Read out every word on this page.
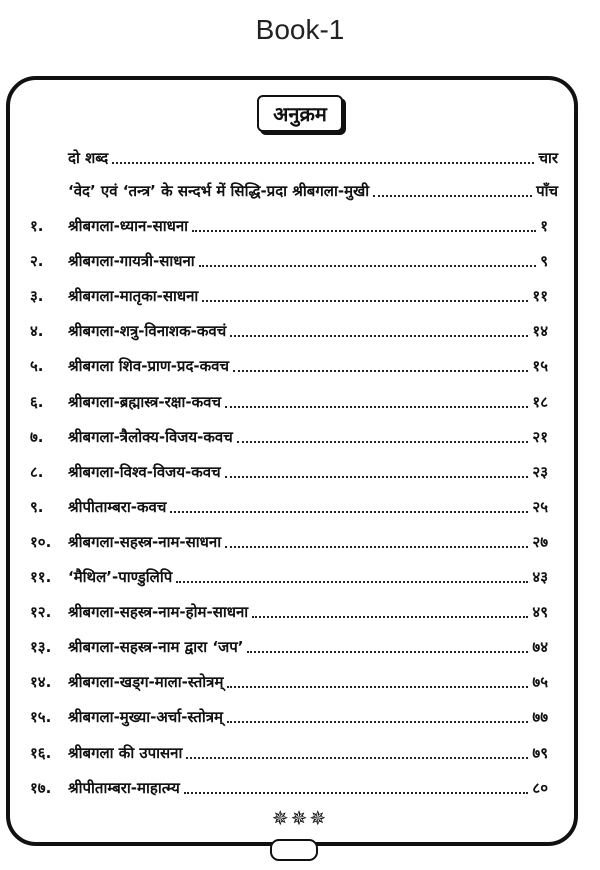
Book-1
अनुक्रम
दो शब्द	चार
‘वेद’ एवं ‘तन्त्र’ के सन्दर्भ में सिद्धि-प्रदा श्रीबगला-मुखी	पाँच
१.	श्रीबगला-ध्यान-साधना	१
२.	श्रीबगला-गायत्री-साधना	९
३.	श्रीबगला-मातृका-साधना	११
४.	श्रीबगला-शत्रु-विनाशक-कवचं	१४
५.	श्रीबगला शिव-प्राण-प्रद-कवच	१५
६.	श्रीबगला-ब्रह्मास्त्र-रक्षा-कवच	१८
७.	श्रीबगला-त्रैलोक्य-विजय-कवच	२१
८.	श्रीबगला-विश्व-विजय-कवच	२३
९.	श्रीपीताम्बरा-कवच	२५
१०.	श्रीबगला-सहस्त्र-नाम-साधना	२७
११.	‘मैथिल’-पाण्डुलिपि	४३
१२.	श्रीबगला-सहस्त्र-नाम-होम-साधना	४९
१३.	श्रीबगला-सहस्त्र-नाम द्वारा ‘जप’	७४
१४.	श्रीबगला-खड्ग-माला-स्तोत्रम्	७५
१५.	श्रीबगला-मुख्या-अर्चा-स्तोत्रम्	७७
१६.	श्रीबगला की उपासना	७९
१७.	श्रीपीताम्बरा-माहात्म्य	८०
✵✵✵
